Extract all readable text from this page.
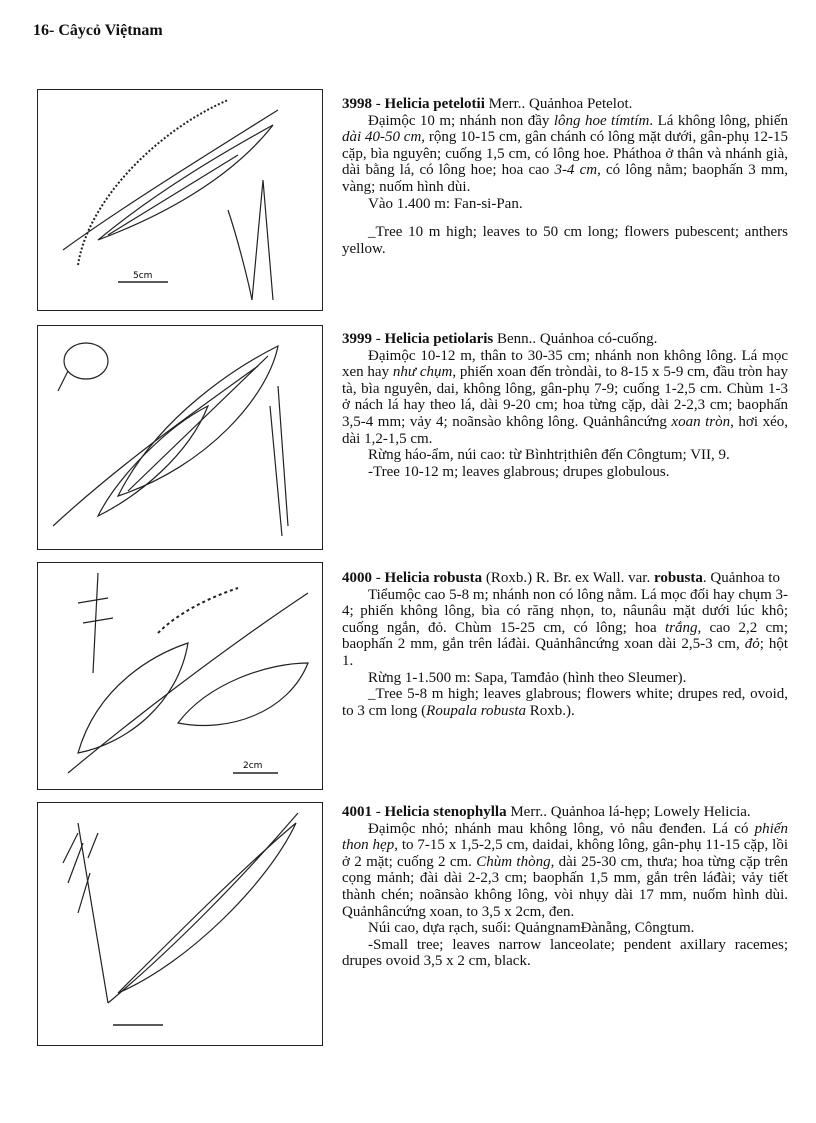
16- Câycỏ Việtnam
5cm
2cm

3998 - Helicia petelotii Merr.. Quảnhoa Petelot.

Đạimộc 10 m; nhánh non đầy lông hoe tímtím. Lá không lông, phiến dài 40-50 cm, rộng 10-15 cm, gân chánh có lông mặt dưới, gân-phụ 12-15 cặp, bìa nguyên; cuống 1,5 cm, có lông hoe. Pháthoa ở thân và nhánh già, dài bằng lá, có lông hoe; hoa cao 3-4 cm, có lông nằm; baophấn 3 mm, vàng; nuốm hình dùi.

Vào 1.400 m: Fan-si-Pan.

_Tree 10 m high; leaves to 50 cm long; flowers pubescent; anthers yellow.

3999 - Helicia petiolaris Benn.. Quảnhoa có-cuống.

Đạimộc 10-12 m, thân to 30-35 cm; nhánh non không lông. Lá mọc xen hay như chụm, phiến xoan đến tròndài, to 8-15 x 5-9 cm, đầu tròn hay tà, bìa nguyên, dai, không lông, gân-phụ 7-9; cuống 1-2,5 cm. Chùm 1-3 ở nách lá hay theo lá, dài 9-20 cm; hoa từng cặp, dài 2-2,3 cm; baophấn 3,5-4 mm; vảy 4; noãnsào không lông. Quảnhâncứng xoan tròn, hơi xéo, dài 1,2-1,5 cm.

Rừng háo-ẩm, núi cao: từ Bìnhtrịthiên đến Côngtum; VII, 9.

-Tree 10-12 m; leaves glabrous; drupes globulous.

4000 - Helicia robusta (Roxb.) R. Br. ex Wall. var. robusta. Quảnhoa to

Tiểumộc cao 5-8 m; nhánh non có lông nằm. Lá mọc đối hay chụm 3-4; phiến không lông, bìa có răng nhọn, to, nâunâu mặt dưới lúc khô; cuống ngắn, đỏ. Chùm 15-25 cm, có lông; hoa trắng, cao 2,2 cm; baophấn 2 mm, gắn trên láđài. Quảnhâncứng xoan dài 2,5-3 cm, đỏ; hột 1.

Rừng 1-1.500 m: Sapa, Tamđảo (hình theo Sleumer).

_Tree 5-8 m high; leaves glabrous; flowers white; drupes red, ovoid, to 3 cm long (Roupala robusta Roxb.).

4001 - Helicia stenophylla Merr.. Quảnhoa lá-hẹp; Lowely Helicia.

Đạimộc nhỏ; nhánh mau không lông, vỏ nâu đenđen. Lá có phiến thon hẹp, to 7-15 x 1,5-2,5 cm, daidai, không lông, gân-phụ 11-15 cặp, lồi ở 2 mặt; cuống 2 cm. Chùm thòng, dài 25-30 cm, thưa; hoa từng cặp trên cọng mảnh; đài dài 2-2,3 cm; baophấn 1,5 mm, gắn trên láđài; vảy tiết thành chén; noãnsào không lông, vòi nhụy dài 17 mm, nuốm hình dùi. Quảnhâncứng xoan, to 3,5 x 2cm, đen.

Núi cao, dựa rạch, suối: QuảngnamĐànẵng, Côngtum.

-Small tree; leaves narrow lanceolate; pendent axillary racemes; drupes ovoid 3,5 x 2 cm, black.
